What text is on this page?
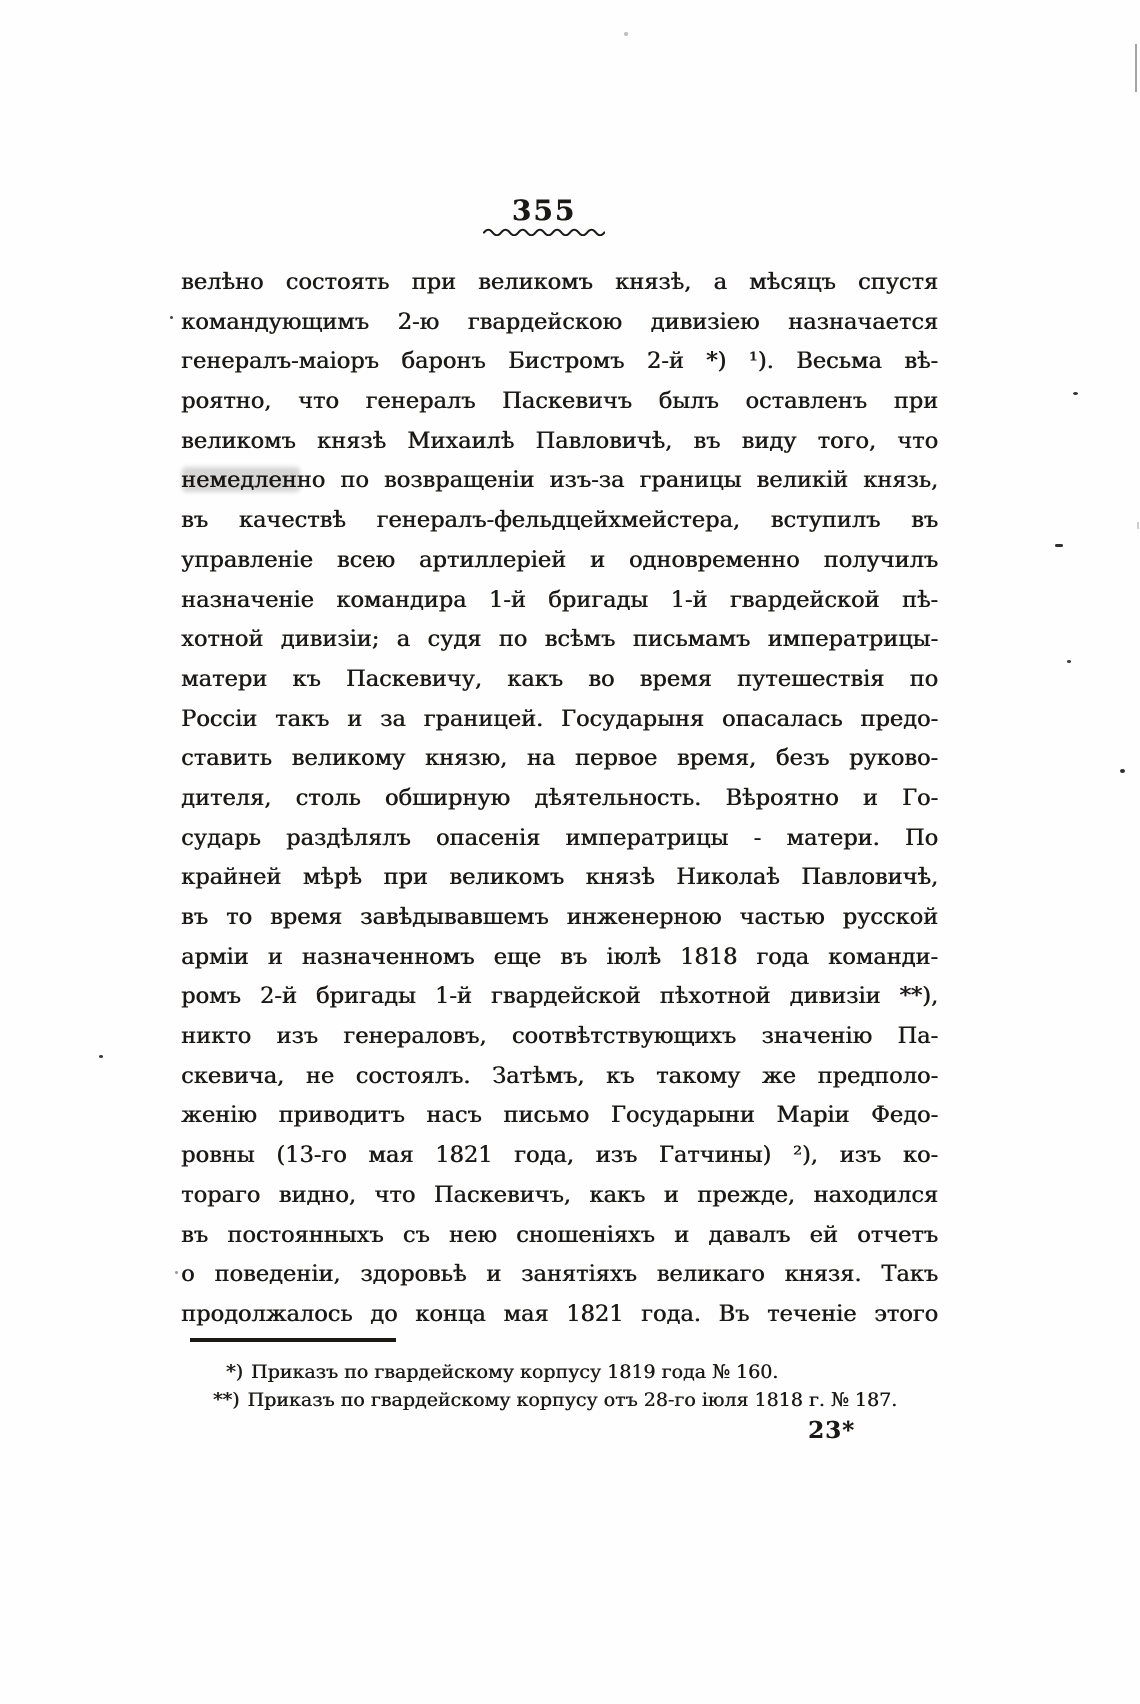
355
велѣно состоять при великомъ князѣ, а мѣсяцъ спустя
командующимъ 2-ю гвардейскою дивизіею назначается
генералъ-маіоръ баронъ Бистромъ 2-й *) ¹). Весьма вѣ-
роятно, что генералъ Паскевичъ былъ оставленъ при
великомъ князѣ Михаилѣ Павловичѣ, въ виду того, что
немедленно по возвращеніи изъ-за границы великій князь,
въ качествѣ генералъ-фельдцейхмейстера, вступилъ въ
управленіе всею артиллеріей и одновременно получилъ
назначеніе командира 1-й бригады 1-й гвардейской пѣ-
хотной дивизіи; а судя по всѣмъ письмамъ императрицы-
матери къ Паскевичу, какъ во время путешествія по
Россіи такъ и за границей. Государыня опасалась предо-
ставить великому князю, на первое время, безъ руково-
дителя, столь обширную дѣятельность. Вѣроятно и Го-
сударь раздѣлялъ опасенія императрицы - матери. По
крайней мѣрѣ при великомъ князѣ Николаѣ Павловичѣ,
въ то время завѣдывавшемъ инженерною частью русской
арміи и назначенномъ еще въ іюлѣ 1818 года команди-
ромъ 2-й бригады 1-й гвардейской пѣхотной дивизіи **),
никто изъ генераловъ, соотвѣтствующихъ значенію Па-
скевича, не состоялъ. Затѣмъ, къ такому же предполо-
женію приводитъ насъ письмо Государыни Маріи Федо-
ровны (13-го мая 1821 года, изъ Гатчины) ²), изъ ко-
тораго видно, что Паскевичъ, какъ и прежде, находился
въ постоянныхъ съ нею сношеніяхъ и давалъ ей отчетъ
о поведеніи, здоровьѣ и занятіяхъ великаго князя. Такъ
продолжалось до конца мая 1821 года. Въ теченіе этого
*) Приказъ по гвардейскому корпусу 1819 года № 160.
**) Приказъ по гвардейскому корпусу отъ 28-го іюля 1818 г. № 187.
23*
